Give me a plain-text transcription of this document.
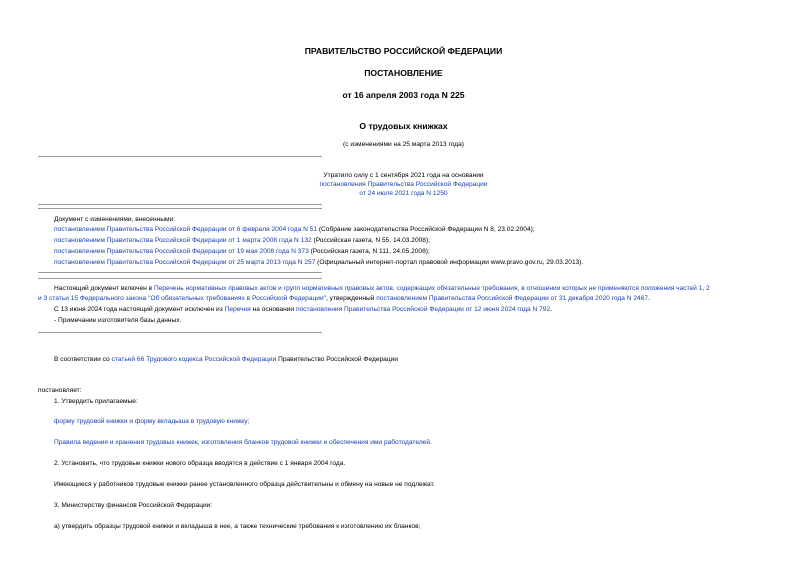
ПРАВИТЕЛЬСТВО РОССИЙСКОЙ ФЕДЕРАЦИИ
ПОСТАНОВЛЕНИЕ
от 16 апреля 2003 года N 225
О трудовых книжках
(с изменениями на 25 марта 2013 года)
Утратило силу с 1 сентября 2021 года на основании
постановления Правительства Российской Федерации
от 24 июля 2021 года N 1250
Документ с изменениями, внесенными:
постановлением Правительства Российской Федерации от 6 февраля 2004 года N 51 (Собрание законодательства Российской Федерации N 8, 23.02.2004);
постановлением Правительства Российской Федерации от 1 марта 2008 года N 132 (Российская газета, N 55, 14.03.2008);
постановлением Правительства Российской Федерации от 19 мая 2008 года N 373 (Российская газета, N 111, 24.05.2008);
постановлением Правительства Российской Федерации от 25 марта 2013 года N 257 (Официальный интернет-портал правовой информации www.pravo.gov.ru, 29.03.2013).
Настоящий документ включен в Перечень нормативных правовых актов и групп нормативных правовых актов, содержащих обязательные требования, в отношении которых не применяются положения частей 1, 2
и 3 статьи 15 Федерального закона "Об обязательных требованиях в Российской Федерации", утвержденный постановлением Правительства Российской Федерации от 31 декабря 2020 года N 2467.
С 13 июня 2024 года настоящий документ исключен из Перечня на основании постановления Правительства Российской Федерации от 12 июня 2024 года N 792.
- Примечание изготовителя базы данных.
В соответствии со статьей 66 Трудового кодекса Российской Федерации Правительство Российской Федерации
постановляет:
1. Утвердить прилагаемые:
форму трудовой книжки и форму вкладыша в трудовую книжку;
Правила ведения и хранения трудовых книжек, изготовления бланков трудовой книжки и обеспечения ими работодателей.
2. Установить, что трудовые книжки нового образца вводятся в действие с 1 января 2004 года.
Имеющиеся у работников трудовые книжки ранее установленного образца действительны и обмену на новые не подлежат.
3. Министерству финансов Российской Федерации:
а) утвердить образцы трудовой книжки и вкладыша в нее, а также технические требования к изготовлению их бланков;
